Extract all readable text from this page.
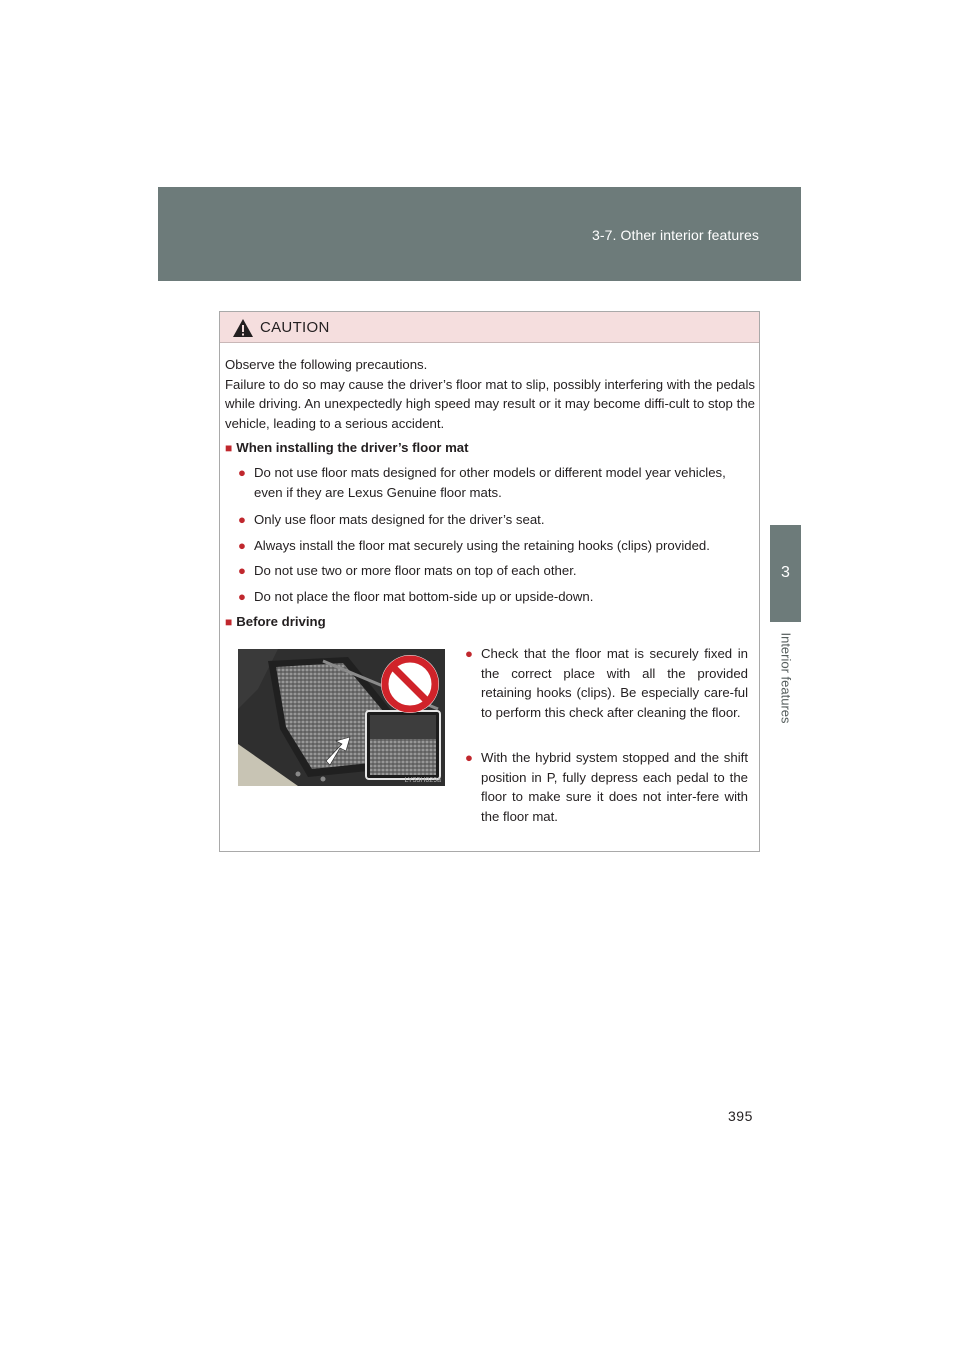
3-7. Other interior features
3
Interior features
CAUTION

Observe the following precautions.

Failure to do so may cause the driver’s floor mat to slip, possibly interfering with the pedals while driving. An unexpectedly high speed may result or it may become diffi-cult to stop the vehicle, leading to a serious accident.

■ When installing the driver’s floor mat
● Do not use floor mats designed for other models or different model year vehicles, even if they are Lexus Genuine floor mats.
● Only use floor mats designed for the driver’s seat.
● Always install the floor mat securely using the retaining hooks (clips) provided.
● Do not use two or more floor mats on top of each other.
● Do not place the floor mat bottom-side up or upside-down.
■ Before driving
LY33H029a
● Check that the floor mat is securely fixed in the correct place with all the provided retaining hooks (clips). Be especially care-ful to perform this check after cleaning the floor.
● With the hybrid system stopped and the shift position in P, fully depress each pedal to the floor to make sure it does not inter-fere with the floor mat.
395
